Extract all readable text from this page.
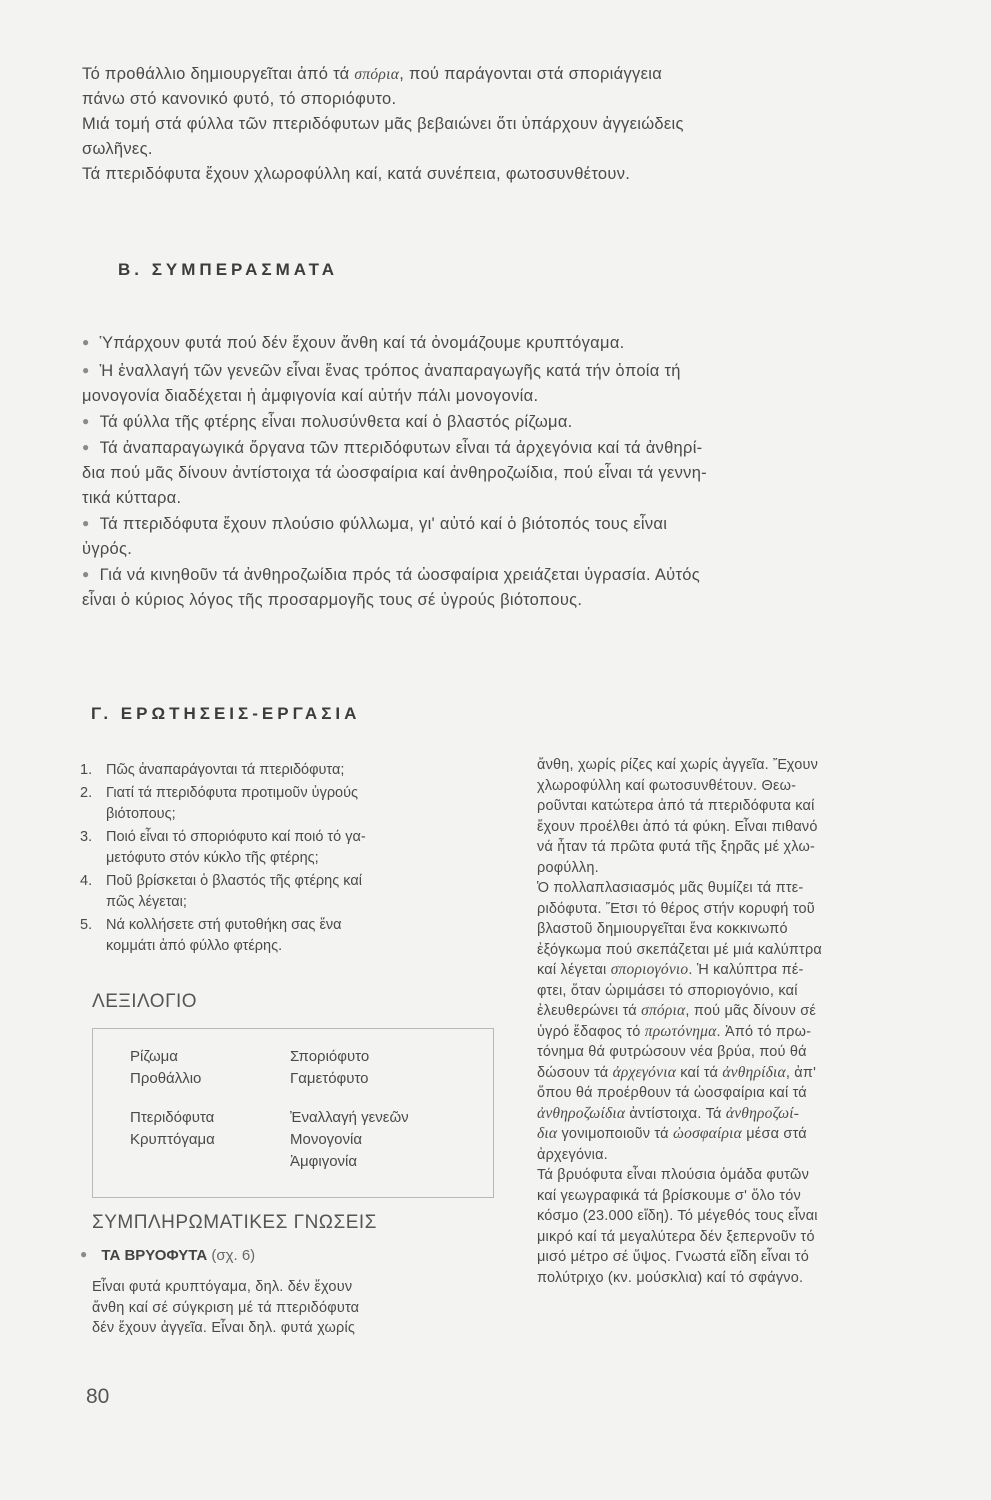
Τό προθάλλιο δημιουργεῖται ἀπό τά σπόρια, πού παράγονται στά σποριάγγεια
πάνω στό κανονικό φυτό, τό σποριόφυτο.
Μιά τομή στά φύλλα τῶν πτεριδόφυτων μᾶς βεβαιώνει ὅτι ὑπάρχουν ἀγγειώδεις
σωλῆνες.
Τά πτεριδόφυτα ἔχουν χλωροφύλλη καί, κατά συνέπεια, φωτοσυνθέτουν.
Β. ΣΥΜΠΕΡΑΣΜΑΤΑ
● Ὑπάρχουν φυτά πού δέν ἔχουν ἄνθη καί τά ὀνομάζουμε κρυπτόγαμα.
● Ἡ ἐναλλαγή τῶν γενεῶν εἶναι ἕνας τρόπος ἀναπαραγωγῆς κατά τήν ὁποία τή
μονογονία διαδέχεται ἡ ἀμφιγονία καί αὐτήν πάλι μονογονία.
● Τά φύλλα τῆς φτέρης εἶναι πολυσύνθετα καί ὁ βλαστός ρίζωμα.
● Τά ἀναπαραγωγικά ὄργανα τῶν πτεριδόφυτων εἶναι τά ἀρχεγόνια καί τά ἀνθηρί-
δια πού μᾶς δίνουν ἀντίστοιχα τά ὠοσφαίρια καί ἀνθηροζωίδια, πού εἶναι τά γεννη-
τικά κύτταρα.
● Τά πτεριδόφυτα ἔχουν πλούσιο φύλλωμα, γι' αὐτό καί ὁ βιότοπός τους εἶναι
ὑγρός.
● Γιά νά κινηθοῦν τά ἀνθηροζωίδια πρός τά ὠοσφαίρια χρειάζεται ὑγρασία. Αὐτός
εἶναι ὁ κύριος λόγος τῆς προσαρμογῆς τους σέ ὑγρούς βιότοπους.
Γ. ΕΡΩΤΗΣΕΙΣ-ΕΡΓΑΣΙΑ
1. Πῶς ἀναπαράγονται τά πτεριδόφυτα;
2. Γιατί τά πτεριδόφυτα προτιμοῦν ὑγρούς
βιότοπους;
3. Ποιό εἶναι τό σποριόφυτο καί ποιό τό γα-
μετόφυτο στόν κύκλο τῆς φτέρης;
4. Ποῦ βρίσκεται ὁ βλαστός τῆς φτέρης καί
πῶς λέγεται;
5. Νά κολλήσετε στή φυτοθήκη σας ἕνα
κομμάτι ἀπό φύλλο φτέρης.
ΛΕΞΙΛΟΓΙΟ
Ρίζωμα
Προθάλλιο
Πτεριδόφυτα
Κρυπτόγαμα
Σποριόφυτο
Γαμετόφυτο
Ἐναλλαγή γενεῶν
Μονογονία
Ἀμφιγονία
ΣΥΜΠΛΗΡΩΜΑΤΙΚΕΣ ΓΝΩΣΕΙΣ
● ΤΑ ΒΡΥΟΦΥΤΑ (σχ. 6)
Εἶναι φυτά κρυπτόγαμα, δηλ. δέν ἔχουν
ἄνθη καί σέ σύγκριση μέ τά πτεριδόφυτα
δέν ἔχουν ἀγγεῖα. Εἶναι δηλ. φυτά χωρίς
ἄνθη, χωρίς ρίζες καί χωρίς ἀγγεῖα. Ἔχουν
χλωροφύλλη καί φωτοσυνθέτουν. Θεω-
ροῦνται κατώτερα ἀπό τά πτεριδόφυτα καί
ἔχουν προέλθει ἀπό τά φύκη. Εἶναι πιθανό
νά ἦταν τά πρῶτα φυτά τῆς ξηρᾶς μέ χλω-
ροφύλλη.
Ὁ πολλαπλασιασμός μᾶς θυμίζει τά πτε-
ριδόφυτα. Ἔτσι τό θέρος στήν κορυφή τοῦ
βλαστοῦ δημιουργεῖται ἕνα κοκκινωπό
ἐξόγκωμα πού σκεπάζεται μέ μιά καλύπτρα
καί λέγεται σποριογόνιο. Ἡ καλύπτρα πέ-
φτει, ὅταν ὡριμάσει τό σποριογόνιο, καί
ἐλευθερώνει τά σπόρια, πού μᾶς δίνουν σέ
ὑγρό ἔδαφος τό πρωτόνημα. Ἀπό τό πρω-
τόνημα θά φυτρώσουν νέα βρύα, πού θά
δώσουν τά ἀρχεγόνια καί τά ἀνθηρίδια, ἀπ'
ὅπου θά προέρθουν τά ὠοσφαίρια καί τά
ἀνθηροζωίδια ἀντίστοιχα. Τά ἀνθηροζωί-
δια γονιμοποιοῦν τά ὠοσφαίρια μέσα στά
ἀρχεγόνια.
Τά βρυόφυτα εἶναι πλούσια ὁμάδα φυτῶν
καί γεωγραφικά τά βρίσκουμε σ' ὅλο τόν
κόσμο (23.000 εἴδη). Τό μέγεθός τους εἶναι
μικρό καί τά μεγαλύτερα δέν ξεπερνοῦν τό
μισό μέτρο σέ ὕψος. Γνωστά εἴδη εἶναι τό
πολύτριχο (κν. μούσκλια) καί τό σφάγνο.
80
